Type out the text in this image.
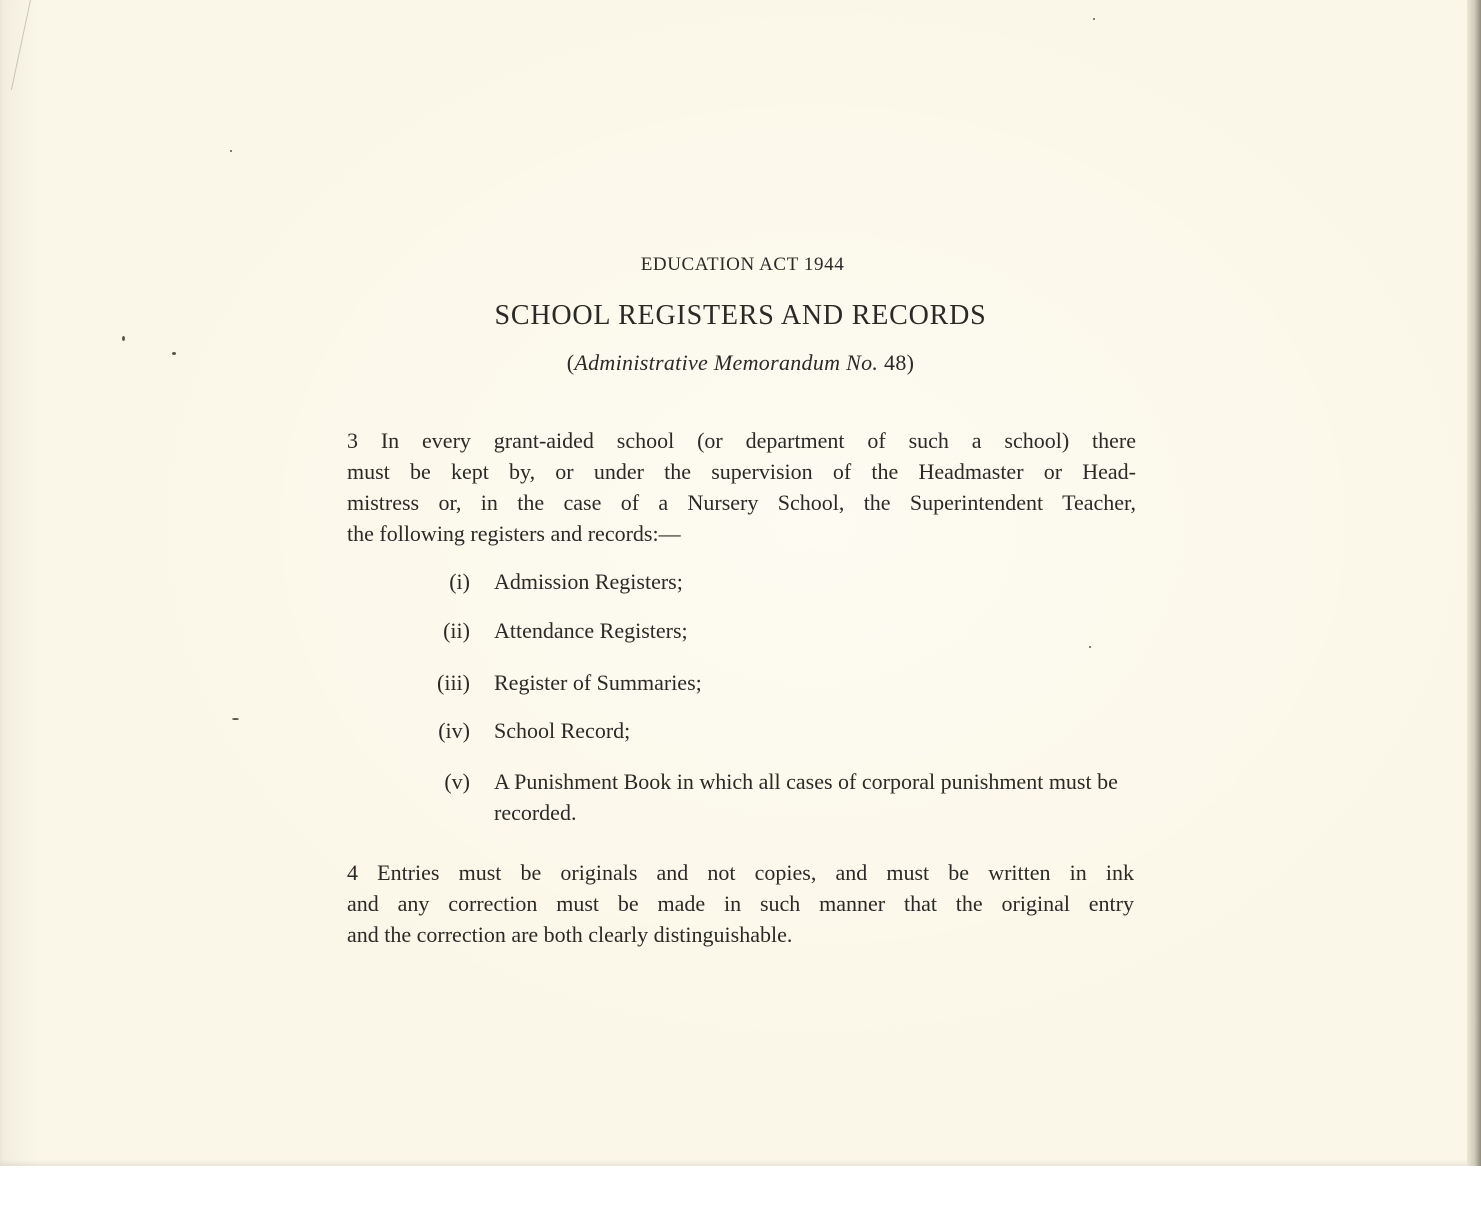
EDUCATION ACT 1944
SCHOOL REGISTERS AND RECORDS
(Administrative Memorandum No. 48)
3 In every grant-aided school (or department of such a school) there
must be kept by, or under the supervision of the Headmaster or Head-
mistress or, in the case of a Nursery School, the Superintendent Teacher,
the following registers and records:—
(i) Admission Registers;
(ii) Attendance Registers;
(iii) Register of Summaries;
(iv) School Record;
(v) A Punishment Book in which all cases of corporal punishment must be recorded.
4 Entries must be originals and not copies, and must be written in ink
and any correction must be made in such manner that the original entry
and the correction are both clearly distinguishable.
